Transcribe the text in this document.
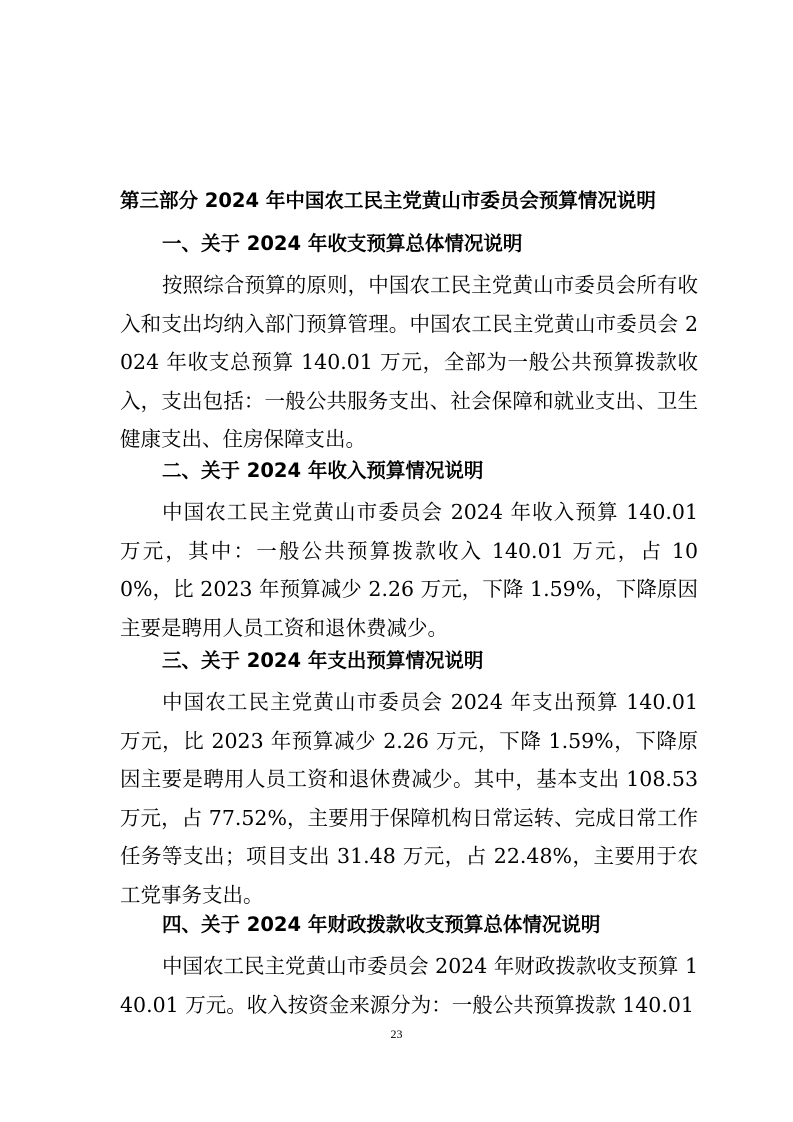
第三部分 2024 年中国农工民主党黄山市委员会预算情况说明
一、关于 2024 年收支预算总体情况说明
按照综合预算的原则，中国农工民主党黄山市委员会所有收入和支出均纳入部门预算管理。中国农工民主党黄山市委员会 2024 年收支总预算 140.01 万元，全部为一般公共预算拨款收入，支出包括：一般公共服务支出、社会保障和就业支出、卫生健康支出、住房保障支出。
二、关于 2024 年收入预算情况说明
中国农工民主党黄山市委员会 2024 年收入预算 140.01 万元，其中：一般公共预算拨款收入 140.01 万元，占 100%，比 2023 年预算减少 2.26 万元，下降 1.59%，下降原因主要是聘用人员工资和退休费减少。
三、关于 2024 年支出预算情况说明
中国农工民主党黄山市委员会 2024 年支出预算 140.01 万元，比 2023 年预算减少 2.26 万元，下降 1.59%，下降原因主要是聘用人员工资和退休费减少。其中，基本支出 108.53 万元，占 77.52%，主要用于保障机构日常运转、完成日常工作任务等支出；项目支出 31.48 万元，占 22.48%，主要用于农工党事务支出。
四、关于 2024 年财政拨款收支预算总体情况说明
中国农工民主党黄山市委员会 2024 年财政拨款收支预算 140.01 万元。收入按资金来源分为：一般公共预算拨款 140.01
23
